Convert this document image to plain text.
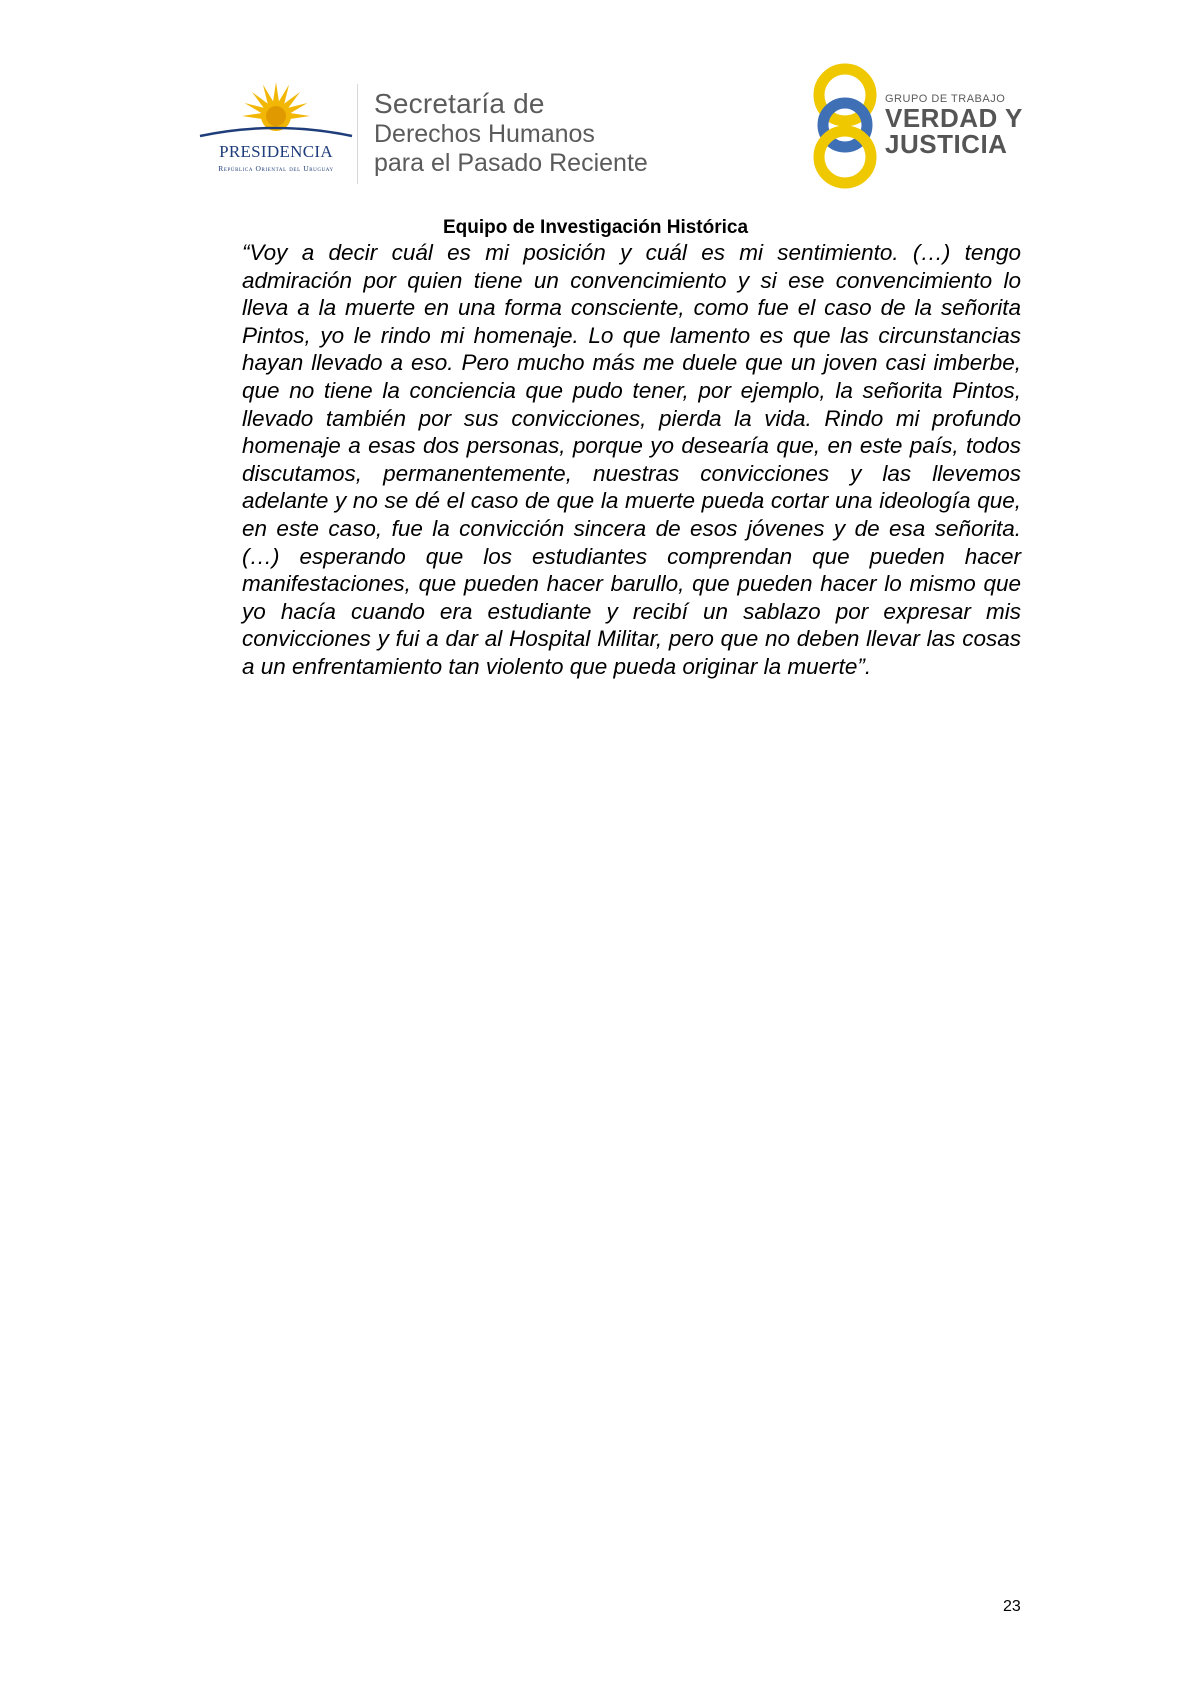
PRESIDENCIA
República Oriental del Uruguay
Secretaría de
Derechos Humanos
para el Pasado Reciente
GRUPO DE TRABAJO
VERDAD Y
JUSTICIA
Equipo de Investigación Histórica

“Voy a decir cuál es mi posición y cuál es mi sentimiento. (…) tengo admiración por quien tiene un convencimiento y si ese convencimiento lo lleva a la muerte en una forma consciente, como fue el caso de la señorita Pintos, yo le rindo mi homenaje. Lo que lamento es que las circunstancias hayan llevado a eso. Pero mucho más me duele que un joven casi imberbe, que no tiene la conciencia que pudo tener, por ejemplo, la señorita Pintos, llevado también por sus convicciones, pierda la vida. Rindo mi profundo homenaje a esas dos personas, porque yo desearía que, en este país, todos discutamos, permanentemente, nuestras convicciones y las llevemos adelante y no se dé el caso de que la muerte pueda cortar una ideología que, en este caso, fue la convicción sincera de esos jóvenes y de esa señorita. (…) esperando que los estudiantes comprendan que pueden hacer manifestaciones, que pueden hacer barullo, que pueden hacer lo mismo que yo hacía cuando era estudiante y recibí un sablazo por expresar mis convicciones y fui a dar al Hospital Militar, pero que no deben llevar las cosas a un enfrentamiento tan violento que pueda originar la muerte”.

23
